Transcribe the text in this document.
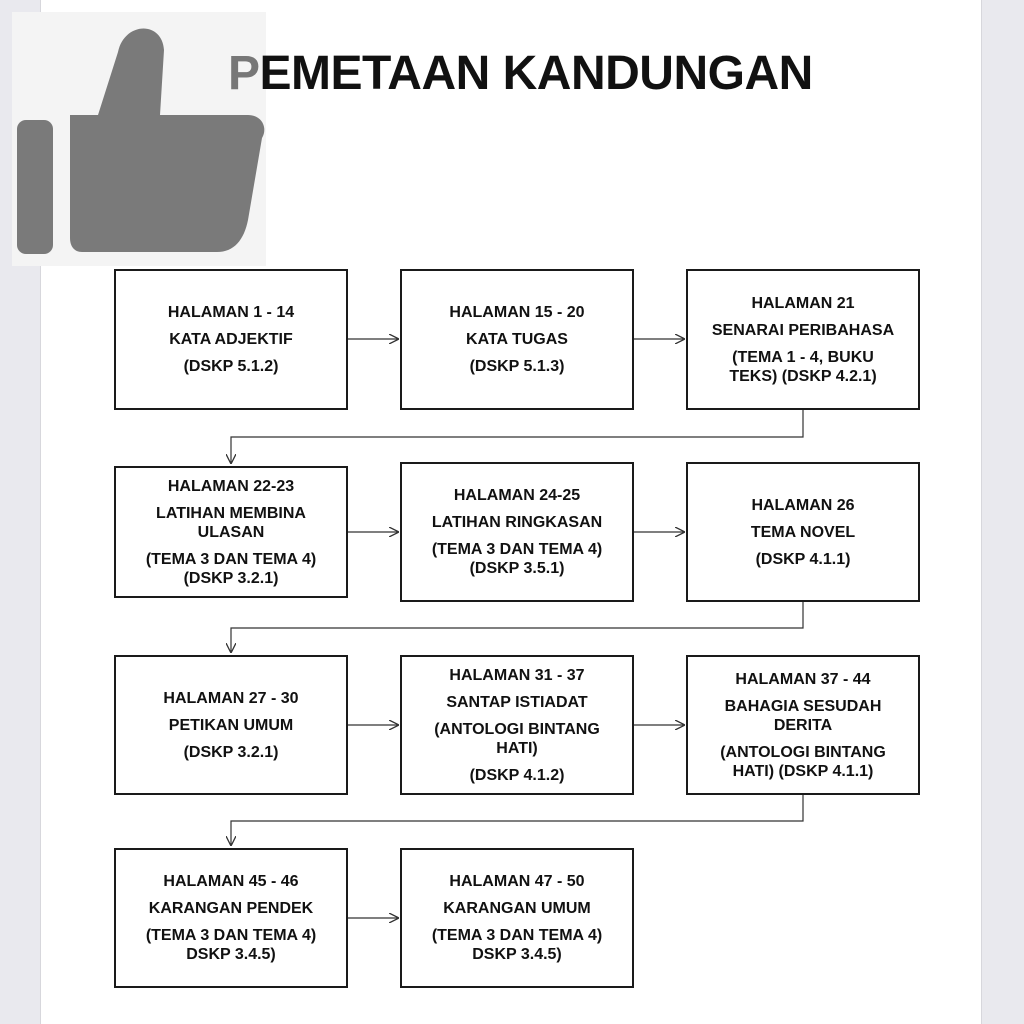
PEMETAAN KANDUNGAN
HALAMAN 1 - 14
KATA ADJEKTIF
(DSKP 5.1.2)
HALAMAN 15 - 20
KATA TUGAS
(DSKP 5.1.3)
HALAMAN 21
SENARAI PERIBAHASA
(TEMA 1 - 4, BUKU
TEKS) (DSKP 4.2.1)
HALAMAN 22-23
LATIHAN MEMBINA
ULASAN
(TEMA 3 DAN TEMA 4)
(DSKP 3.2.1)
HALAMAN 24-25
LATIHAN RINGKASAN
(TEMA 3 DAN TEMA 4)
(DSKP 3.5.1)
HALAMAN 26
TEMA NOVEL
(DSKP 4.1.1)
HALAMAN 27 - 30
PETIKAN UMUM
(DSKP 3.2.1)
HALAMAN 31 - 37
SANTAP ISTIADAT
(ANTOLOGI BINTANG
HATI)
(DSKP 4.1.2)
HALAMAN 37 - 44
BAHAGIA SESUDAH
DERITA
(ANTOLOGI BINTANG
HATI) (DSKP 4.1.1)
HALAMAN 45 - 46
KARANGAN PENDEK
(TEMA 3 DAN TEMA 4)
DSKP 3.4.5)
HALAMAN 47 - 50
KARANGAN UMUM
(TEMA 3 DAN TEMA 4)
DSKP 3.4.5)
